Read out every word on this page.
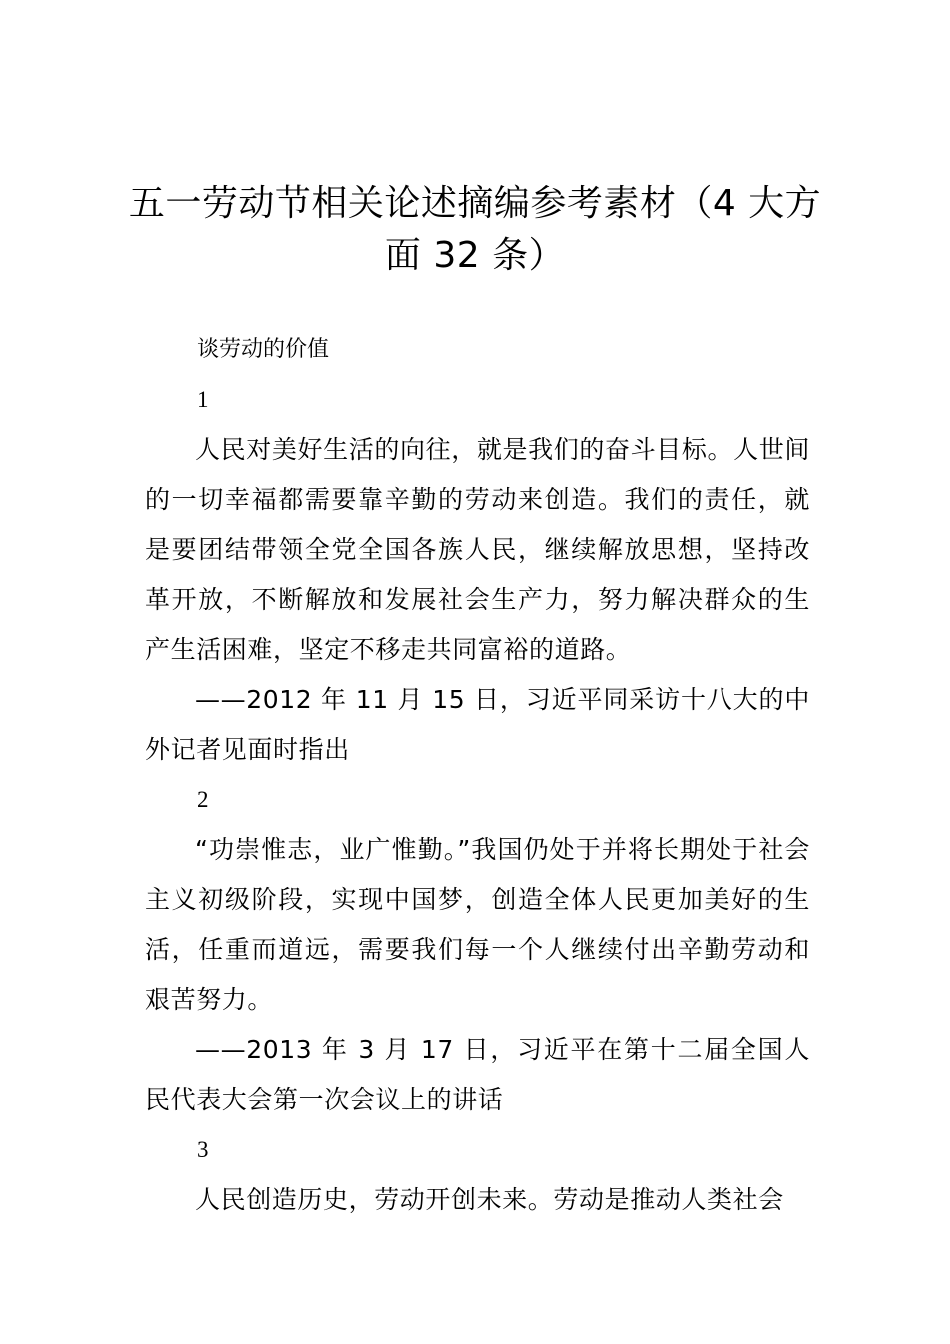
五一劳动节相关论述摘编参考素材（4 大方
面 32 条）

谈劳动的价值

1

人民对美好生活的向往，就是我们的奋斗目标。人世间的一切幸福都需要靠辛勤的劳动来创造。我们的责任，就是要团结带领全党全国各族人民，继续解放思想，坚持改革开放，不断解放和发展社会生产力，努力解决群众的生产生活困难，坚定不移走共同富裕的道路。

——2012 年 11 月 15 日，习近平同采访十八大的中外记者见面时指出

2

“功崇惟志，业广惟勤。”我国仍处于并将长期处于社会主义初级阶段，实现中国梦，创造全体人民更加美好的生活，任重而道远，需要我们每一个人继续付出辛勤劳动和艰苦努力。

——2013 年 3 月 17 日，习近平在第十二届全国人民代表大会第一次会议上的讲话

3

人民创造历史，劳动开创未来。劳动是推动人类社会
